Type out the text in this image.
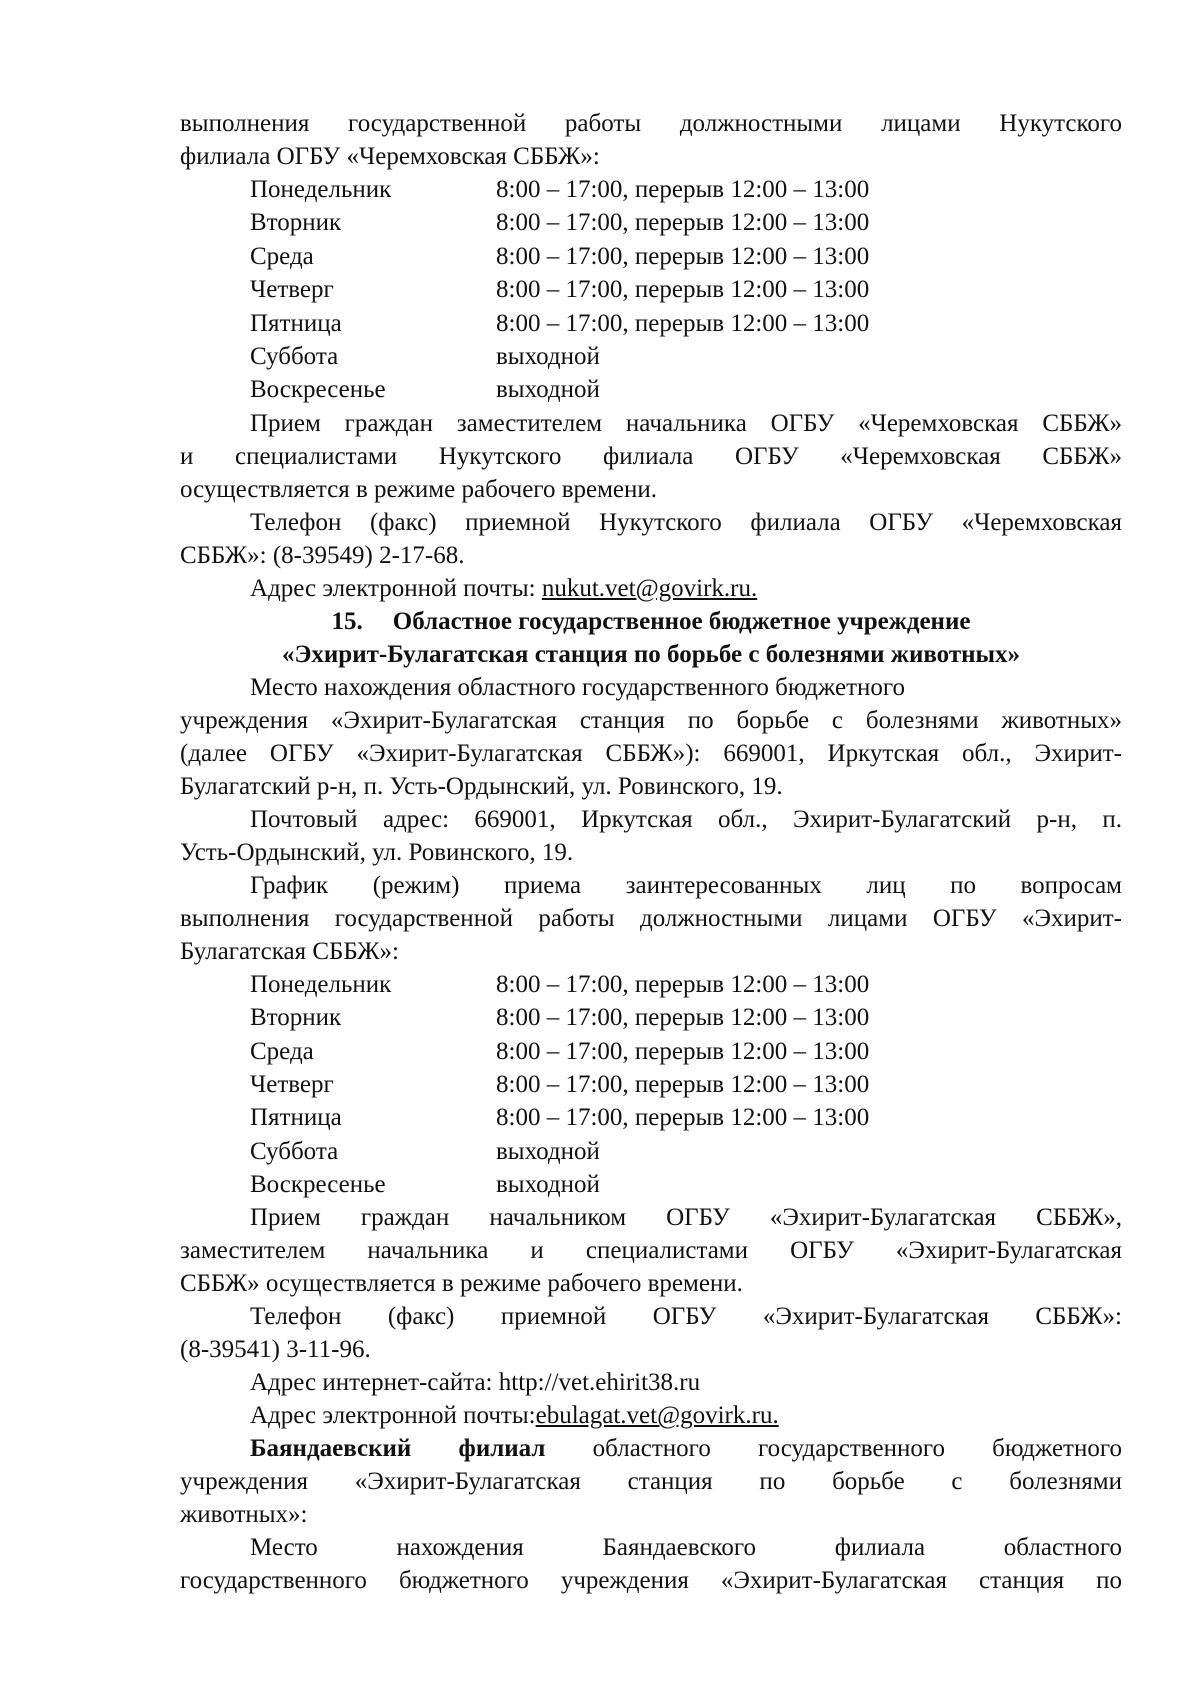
выполнения государственной работы должностными лицами Нукутского
филиала ОГБУ «Черемховская СББЖ»:
Понедельник	8:00 – 17:00, перерыв 12:00 – 13:00
Вторник	8:00 – 17:00, перерыв 12:00 – 13:00
Среда	8:00 – 17:00, перерыв 12:00 – 13:00
Четверг	8:00 – 17:00, перерыв 12:00 – 13:00
Пятница	8:00 – 17:00, перерыв 12:00 – 13:00
Суббота	выходной
Воскресенье	выходной
Прием граждан заместителем начальника ОГБУ «Черемховская СББЖ»
и специалистами Нукутского филиала ОГБУ «Черемховская СББЖ»
осуществляется в режиме рабочего времени.
Телефон (факс) приемной Нукутского филиала ОГБУ «Черемховская
СББЖ»: (8-39549) 2-17-68.
Адрес электронной почты: nukut.vet@govirk.ru.
15. Областное государственное бюджетное учреждение
«Эхирит-Булагатская станция по борьбе с болезнями животных»
Место нахождения областного государственного бюджетного
учреждения «Эхирит-Булагатская станция по борьбе с болезнями животных»
(далее ОГБУ «Эхирит-Булагатская СББЖ»): 669001, Иркутская обл., Эхирит-
Булагатский р-н, п. Усть-Ордынский, ул. Ровинского, 19.
Почтовый адрес: 669001, Иркутская обл., Эхирит-Булагатский р-н, п.
Усть-Ордынский, ул. Ровинского, 19.
График (режим) приема заинтересованных лиц по вопросам
выполнения государственной работы должностными лицами ОГБУ «Эхирит-
Булагатская СББЖ»:
Понедельник	8:00 – 17:00, перерыв 12:00 – 13:00
Вторник	8:00 – 17:00, перерыв 12:00 – 13:00
Среда	8:00 – 17:00, перерыв 12:00 – 13:00
Четверг	8:00 – 17:00, перерыв 12:00 – 13:00
Пятница	8:00 – 17:00, перерыв 12:00 – 13:00
Суббота	выходной
Воскресенье	выходной
Прием граждан начальником ОГБУ «Эхирит-Булагатская СББЖ»,
заместителем начальника и специалистами ОГБУ «Эхирит-Булагатская
СББЖ» осуществляется в режиме рабочего времени.
Телефон (факс) приемной ОГБУ «Эхирит-Булагатская СББЖ»:
(8-39541) 3-11-96.
Адрес интернет-сайта: http://vet.ehirit38.ru
Адрес электронной почты:ebulagat.vet@govirk.ru.
Баяндаевский филиал областного государственного бюджетного
учреждения «Эхирит-Булагатская станция по борьбе с болезнями
животных»:
Место нахождения Баяндаевского филиала областного
государственного бюджетного учреждения «Эхирит-Булагатская станция по
